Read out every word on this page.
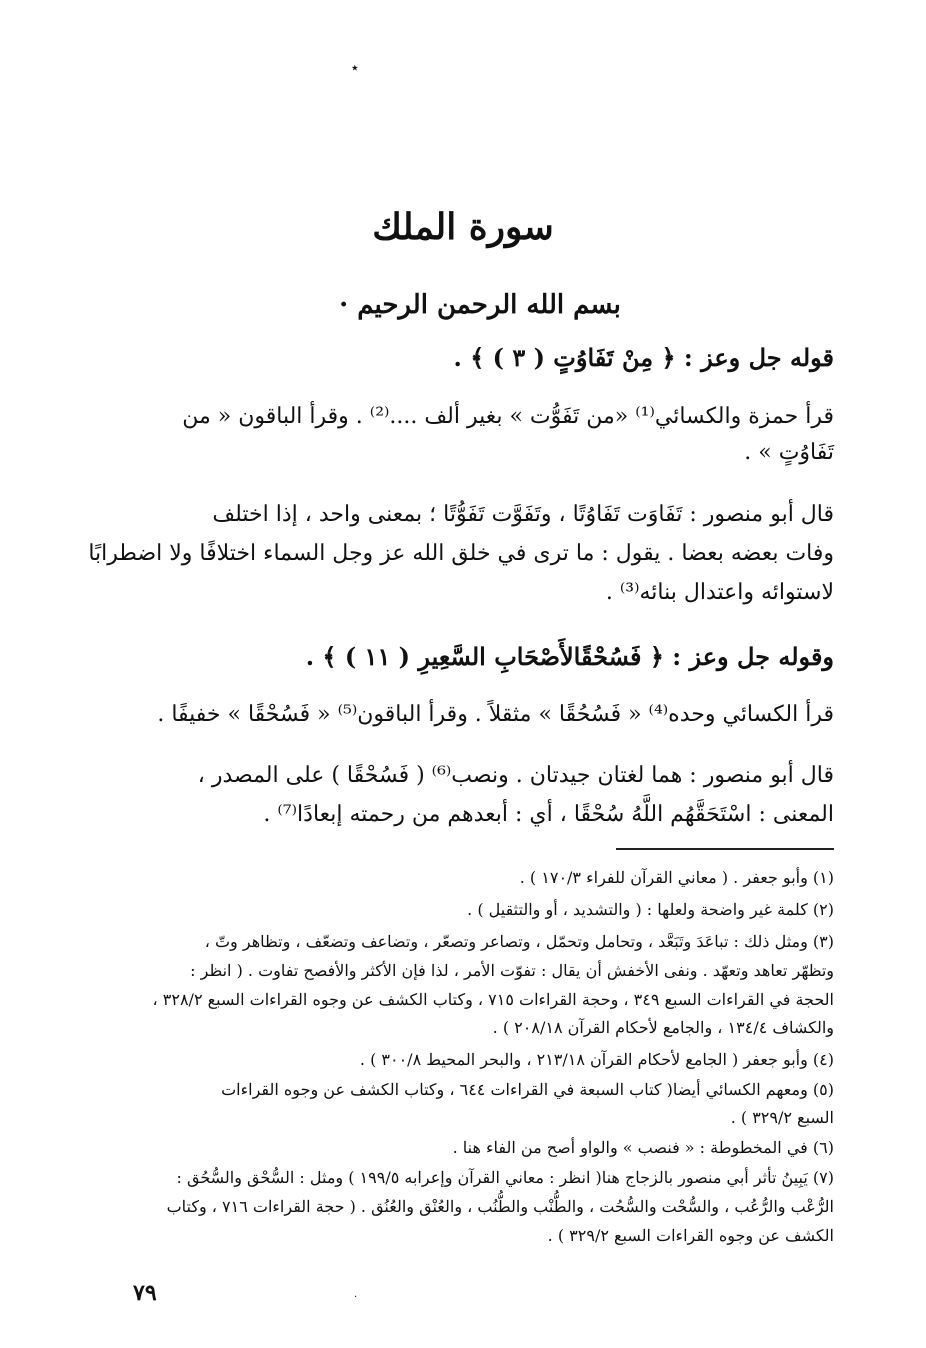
٭
سورة الملك
· بسم الله الرحمن الرحيم
قوله جل وعز : ﴿ مِنْ تَفَاوُتٍ ( ٣ ) ﴾ .
قرأ حمزة والكسائي⁽¹⁾ «من تَفَوُّت » بغير ألف ....⁽²⁾ . وقرأ الباقون « من
تَفَاوُتٍ » .
قال أبو منصور : تَفَاوَت تَفَاوُتًا ، وتَفَوَّت تَفَوُّتًا ؛ بمعنى واحد ، إذا اختلف
وفات بعضه بعضا . يقول : ما ترى في خلق الله عز وجل السماء اختلافًا ولا اضطرابًا
لاستوائه واعتدال بنائه⁽³⁾ .
وقوله جل وعز : ﴿ فَسُحْقًالأَصْحَابِ السَّعِيرِ ( ١١ ) ﴾ .
قرأ الكسائي وحده⁽⁴⁾ « فَسُحُقًا » مثقلاً . وقرأ الباقون⁽⁵⁾ « فَسُحْقًا » خفيفًا .
قال أبو منصور : هما لغتان جيدتان . ونصب⁽⁶⁾ ( فَسُحْقًا ) على المصدر ،
المعنى : اسْتَحَقَّهُم اللَّهُ سُحْقًا ، أي : أبعدهم من رحمته إبعادًا⁽⁷⁾ .
(١) وأبو جعفر . ( معاني القرآن للفراء ١٧٠/٣ ) .
(٢) كلمة غير واضحة ولعلها : ( والتشديد ، أو والتثقيل ) .
(٣) ومثل ذلك : تباعَدَ وتَبَعَّد ، وتحامل وتحمّل ، وتصاعر وتصعّر ، وتضاعف وتضعّف ، وتظاهر وتّ ،
وتظهّر تعاهد وتعهّد . ونفى الأخفش أن يقال : تفوّت الأمر ، لذا فإن الأكثر والأفصح تفاوت . ( انظر :
الحجة في القراءات السبع ٣٤٩ ، وحجة القراءات ٧١٥ ، وكتاب الكشف عن وجوه القراءات السبع ٣٢٨/٢ ،
والكشاف ١٣٤/٤ ، والجامع لأحكام القرآن ٢٠٨/١٨ ) .
(٤) وأبو جعفر ( الجامع لأحكام القرآن ٢١٣/١٨ ، والبحر المحيط ٣٠٠/٨ ) .
(٥) ومعهم الكسائي أيضا( كتاب السبعة في القراءات ٦٤٤ ، وكتاب الكشف عن وجوه القراءات
السبع ٣٢٩/٢ ) .
(٦) في المخطوطة : « فنصب » والواو أصح من الفاء هنا .
(٧) يَبِينُ تأثر أبي منصور بالزجاج هنا( انظر : معاني القرآن وإعرابه ١٩٩/٥ ) ومثل : السُّحْق والسُّحُق :
الرُّعْب والرُّعُب ، والسُّحْت والسُّحُت ، والطُّنْب والطُّنُب ، والعُنْق والعُنُق . ( حجة القراءات ٧١٦ ، وكتاب
الكشف عن وجوه القراءات السبع ٣٢٩/٢ ) .
٧٩	·
